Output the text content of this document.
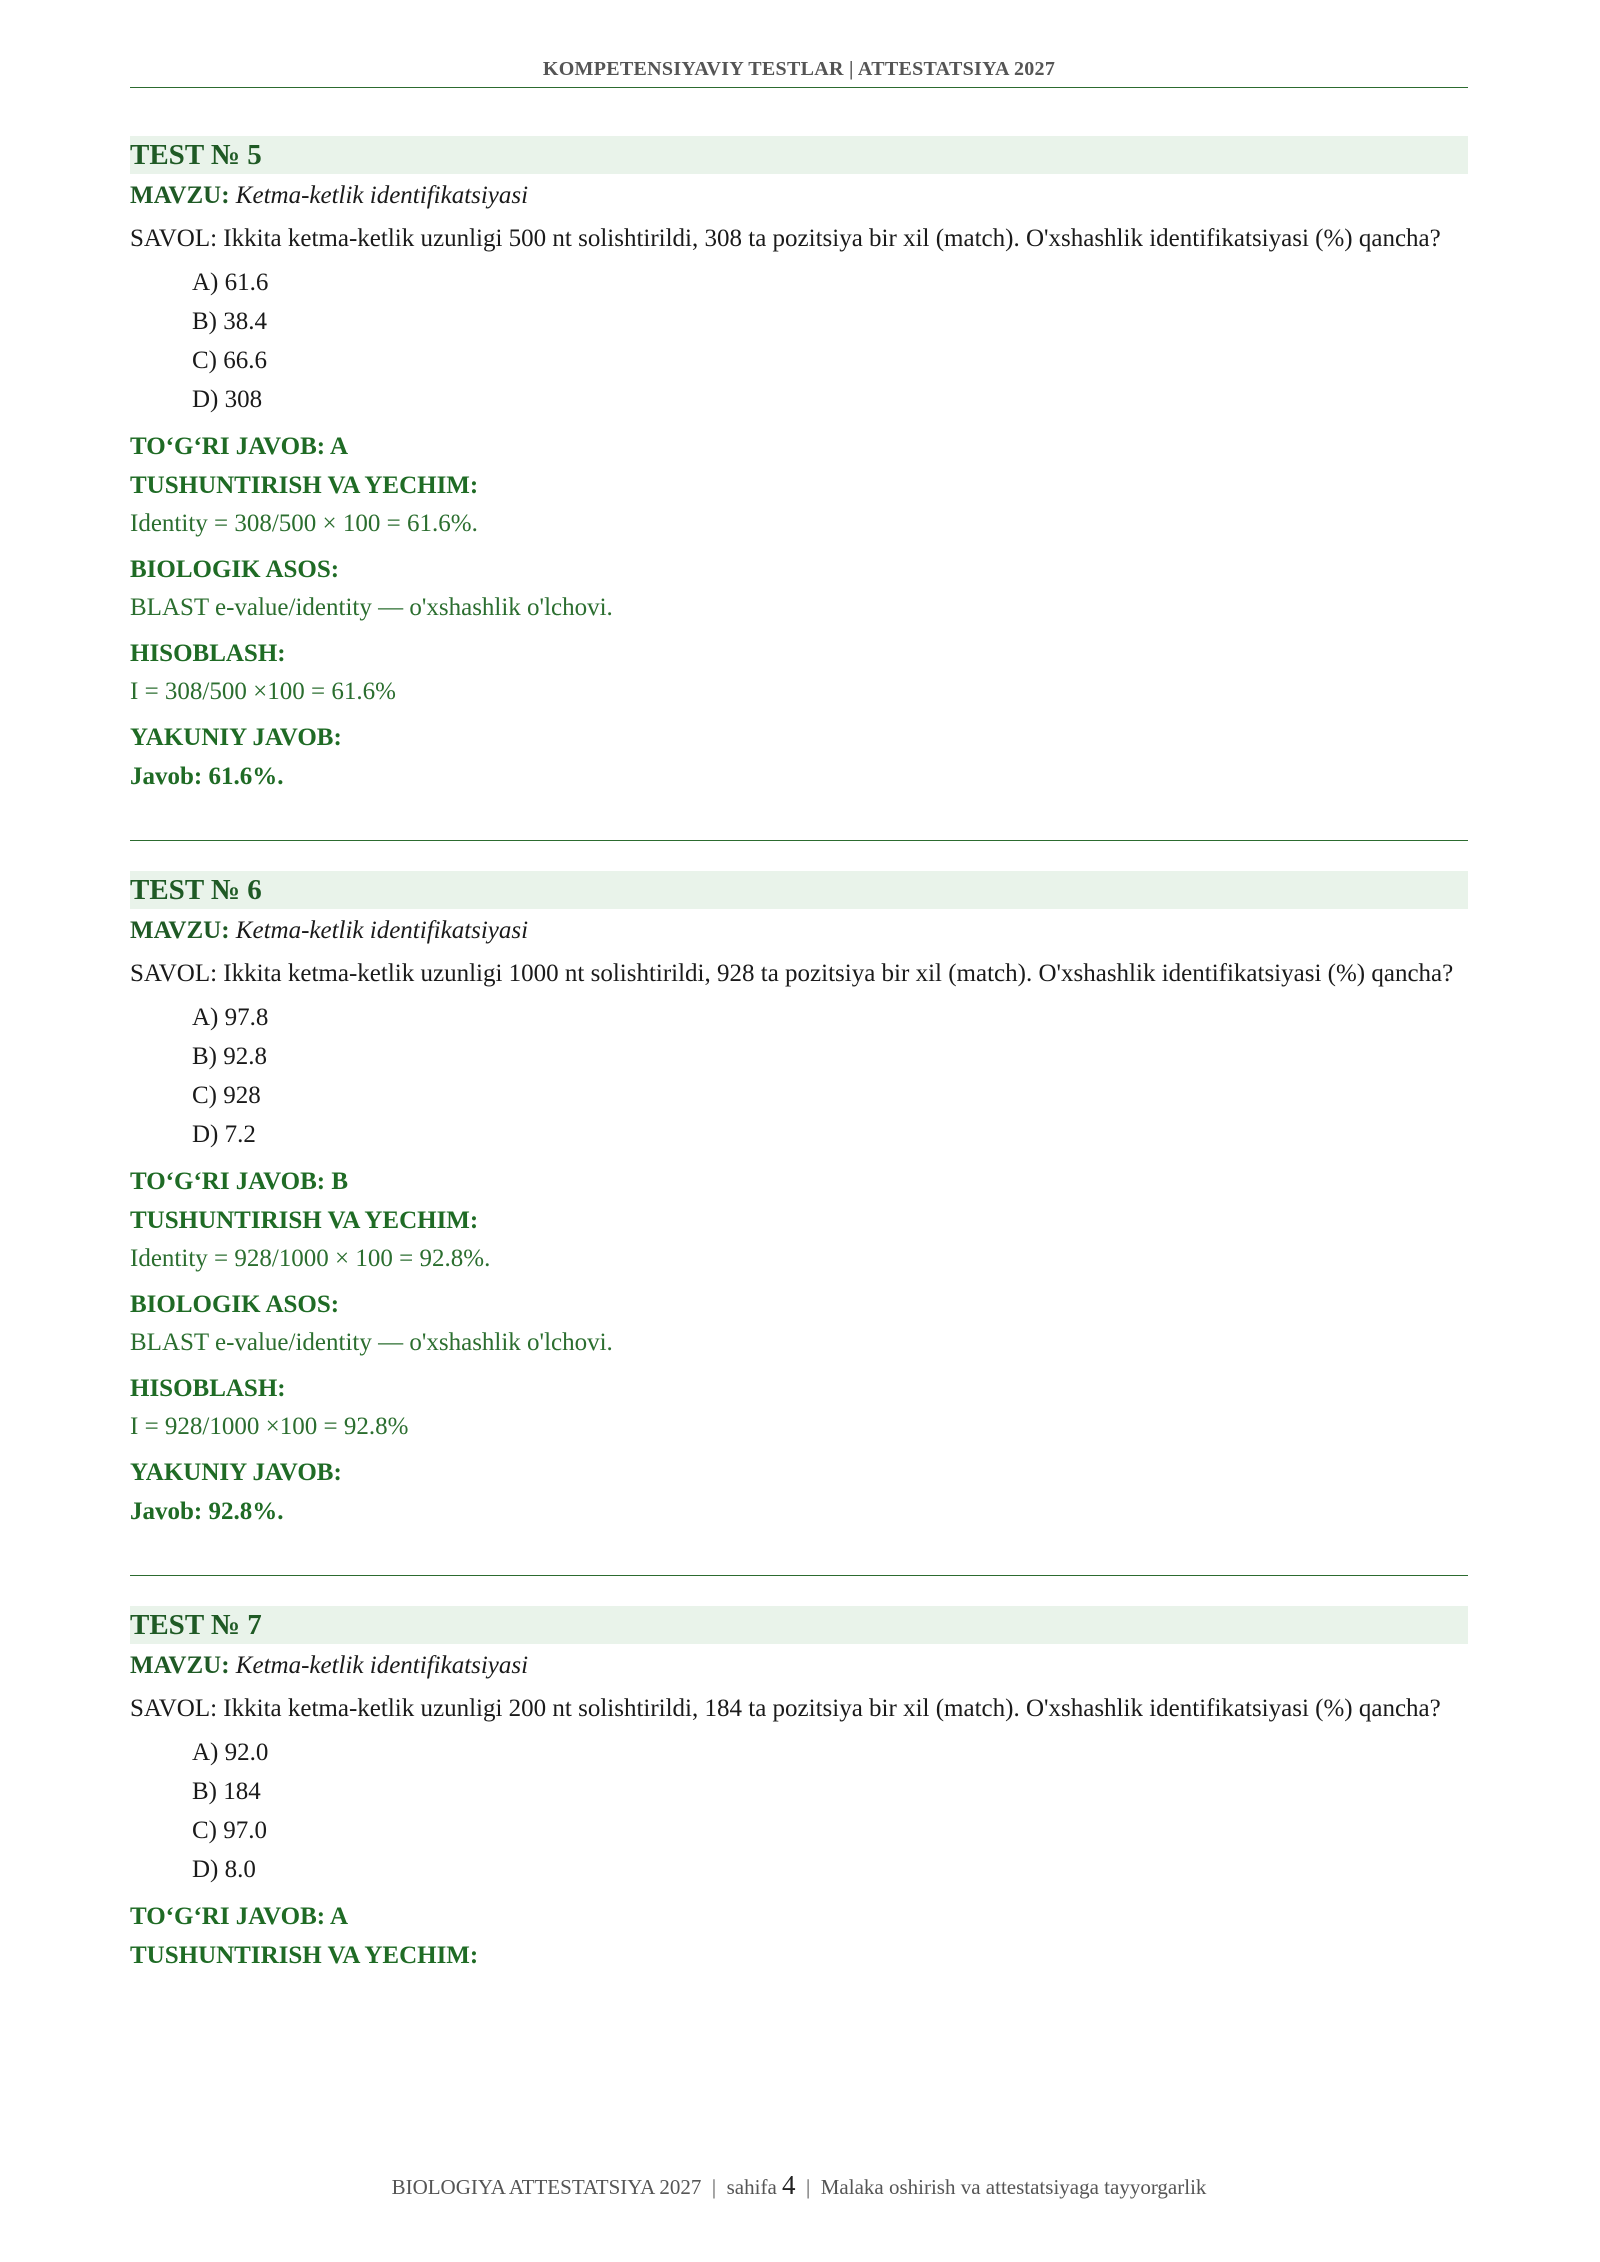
KOMPETENSIYAVIY TESTLAR | ATTESTATSIYA 2027
TEST № 5
MAVZU: Ketma-ketlik identifikatsiyasi
SAVOL: Ikkita ketma-ketlik uzunligi 500 nt solishtirildi, 308 ta pozitsiya bir xil (match). O'xshashlik identifikatsiyasi (%) qancha?
A) 61.6
B) 38.4
C) 66.6
D) 308
TO‘G‘RI JAVOB: A
TUSHUNTIRISH VA YECHIM:
Identity = 308/500 × 100 = 61.6%.
BIOLOGIK ASOS:
BLAST e-value/identity — o'xshashlik o'lchovi.
HISOBLASH:
I = 308/500 ×100 = 61.6%
YAKUNIY JAVOB:
Javob: 61.6%.
TEST № 6
MAVZU: Ketma-ketlik identifikatsiyasi
SAVOL: Ikkita ketma-ketlik uzunligi 1000 nt solishtirildi, 928 ta pozitsiya bir xil (match). O'xshashlik identifikatsiyasi (%) qancha?
A) 97.8
B) 92.8
C) 928
D) 7.2
TO‘G‘RI JAVOB: B
TUSHUNTIRISH VA YECHIM:
Identity = 928/1000 × 100 = 92.8%.
BIOLOGIK ASOS:
BLAST e-value/identity — o'xshashlik o'lchovi.
HISOBLASH:
I = 928/1000 ×100 = 92.8%
YAKUNIY JAVOB:
Javob: 92.8%.
TEST № 7
MAVZU: Ketma-ketlik identifikatsiyasi
SAVOL: Ikkita ketma-ketlik uzunligi 200 nt solishtirildi, 184 ta pozitsiya bir xil (match). O'xshashlik identifikatsiyasi (%) qancha?
A) 92.0
B) 184
C) 97.0
D) 8.0
TO‘G‘RI JAVOB: A
TUSHUNTIRISH VA YECHIM:
BIOLOGIYA ATTESTATSIYA 2027 | sahifa 4 | Malaka oshirish va attestatsiyaga tayyorgarlik
